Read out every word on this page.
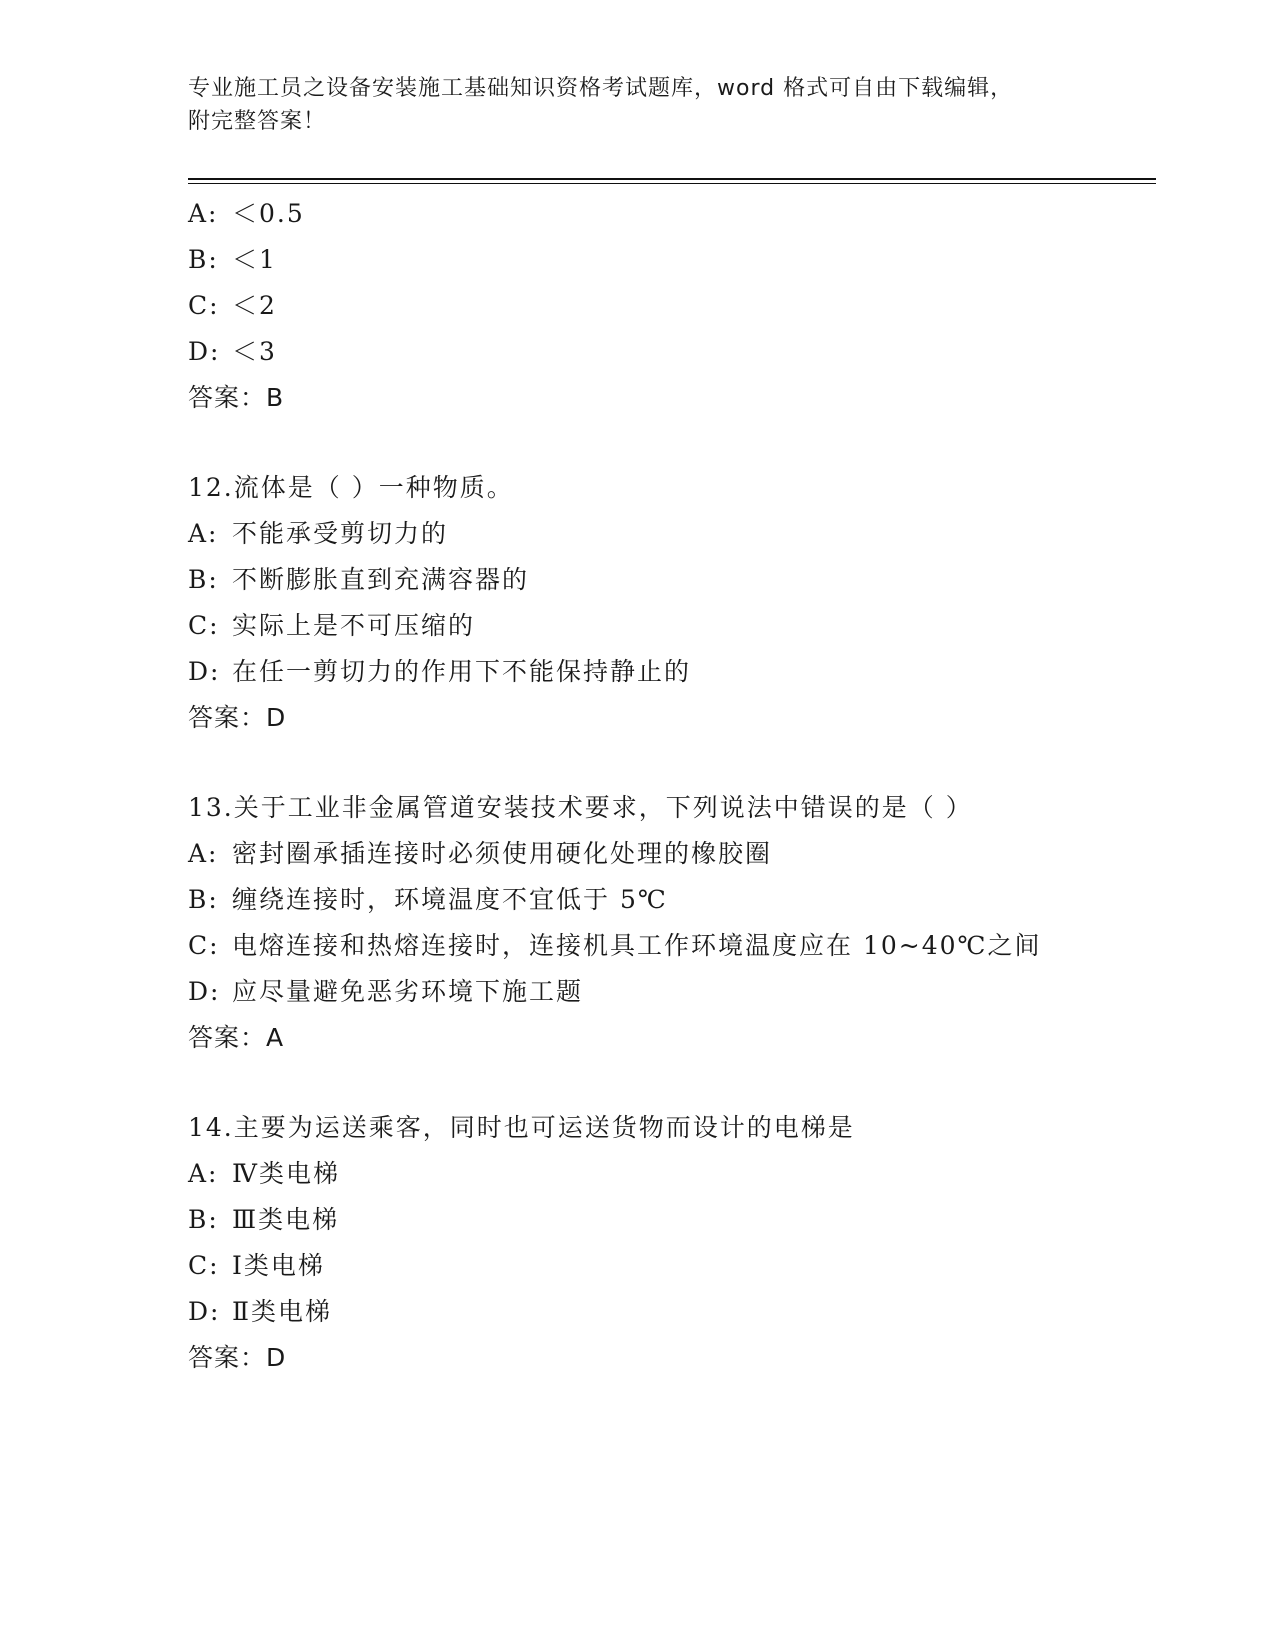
专业施工员之设备安装施工基础知识资格考试题库，word 格式可自由下载编辑，
附完整答案！
A: ＜0.5
B: ＜1
C: ＜2
D: ＜3
答案：B
12.流体是（ ）一种物质。
A: 不能承受剪切力的
B: 不断膨胀直到充满容器的
C: 实际上是不可压缩的
D: 在任一剪切力的作用下不能保持静止的
答案：D
13.关于工业非金属管道安装技术要求，下列说法中错误的是（ ）
A: 密封圈承插连接时必须使用硬化处理的橡胶圈
B: 缠绕连接时，环境温度不宜低于 5℃
C: 电熔连接和热熔连接时，连接机具工作环境温度应在 10~40℃之间
D: 应尽量避免恶劣环境下施工题
答案：A
14.主要为运送乘客，同时也可运送货物而设计的电梯是
A: Ⅳ类电梯
B: Ⅲ类电梯
C: Ⅰ类电梯
D: Ⅱ类电梯
答案：D
